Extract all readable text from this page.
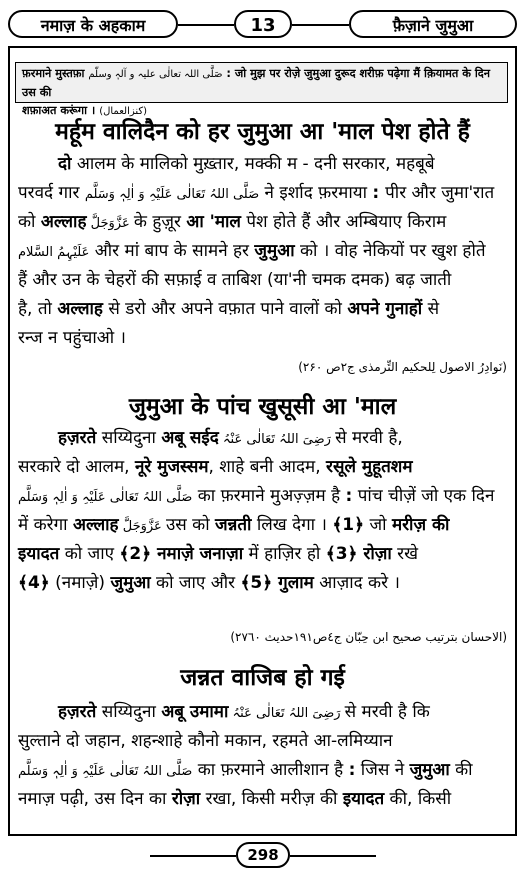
नमाज़ के अहकाम	13	फ़ैज़ाने जुमुआ
फ़रमाने मुस्तफ़ा صَلَّی اللہ تعالٰی علیہ و آلہٖ وسلّم : जो मुझ पर रोज़े जुमुआ दुरूद शरीफ़ पढ़ेगा मैं क़ियामत के दिन उस की
शफ़ाअत करूंगा । (کنزالعمال)
मर्हूम वालिदैन को हर जुमुआ आ 'माल पेश होते हैं
दो आलम के मालिको मुख़्तार, मक्की म - दनी सरकार, महबूबे
परवर्द गार صَلَّی اللہُ تَعَالٰی عَلَیْہِ وَ اٰلِہٖ وَسَلَّم ने इर्शाद फ़रमाया : पीर और जुमा'रात
को अल्लाह عَزَّوَجَلَّ के हुज़ूर आ 'माल पेश होते हैं और अम्बियाए किराम
عَلَیْہِمُ السَّلام और मां बाप के सामने हर जुमुआ को । वोह नेकियों पर खुश होते
हैं और उन के चेहरों की सफ़ाई व ताबिश (या'नी चमक दमक) बढ़ जाती
है, तो अल्लाह से डरो और अपने वफ़ात पाने वालों को अपने गुनाहों से
रन्ज न पहुंचाओ ।
(نَوادِرُ الاصول لِلحکیم التِّرمذی ج۲ص ۲۶۰)
जुमुआ के पांच खुसूसी आ 'माल
हज़रते सय्यिदुना अबू सईद رَضِیَ اللہُ تَعَالٰی عَنْہُ से मरवी है,
सरकारे दो आलम, नूरे मुजस्सम, शाहे बनी आदम, रसूले मुहूतशम
صَلَّی اللہُ تَعَالٰی عَلَیْہِ وَ اٰلِہٖ وَسَلَّم का फ़रमाने मुअज़्ज़म है : पांच चीज़ें जो एक दिन
में करेगा अल्लाह عَزَّوَجَلَّ उस को जन्नती लिख देगा । ﴾1﴿ जो मरीज़ की
इयादत को जाए ﴾2﴿ नमाज़े जनाज़ा में हाज़िर हो ﴾3﴿ रोज़ा रखे
﴾4﴿ (नमाज़े) जुमुआ को जाए और ﴾5﴿ गुलाम आज़ाद करे ।
(الاحسان بترتیب صحیح ابن حِبّان ج٤ص١٩١حدیث ٢٧٦٠)
जन्नत वाजिब हो गई
हज़रते सय्यिदुना अबू उमामा رَضِیَ اللہُ تَعَالٰی عَنْہُ से मरवी है कि
सुल्ताने दो जहान, शहन्शाहे कौनो मकान, रहमते आ-लमिय्यान
صَلَّی اللہُ تَعَالٰی عَلَیْہِ وَ اٰلِہٖ وَسَلَّم का फ़रमाने आलीशान है : जिस ने जुमुआ की
नमाज़ पढ़ी, उस दिन का रोज़ा रखा, किसी मरीज़ की इयादत की, किसी
298
